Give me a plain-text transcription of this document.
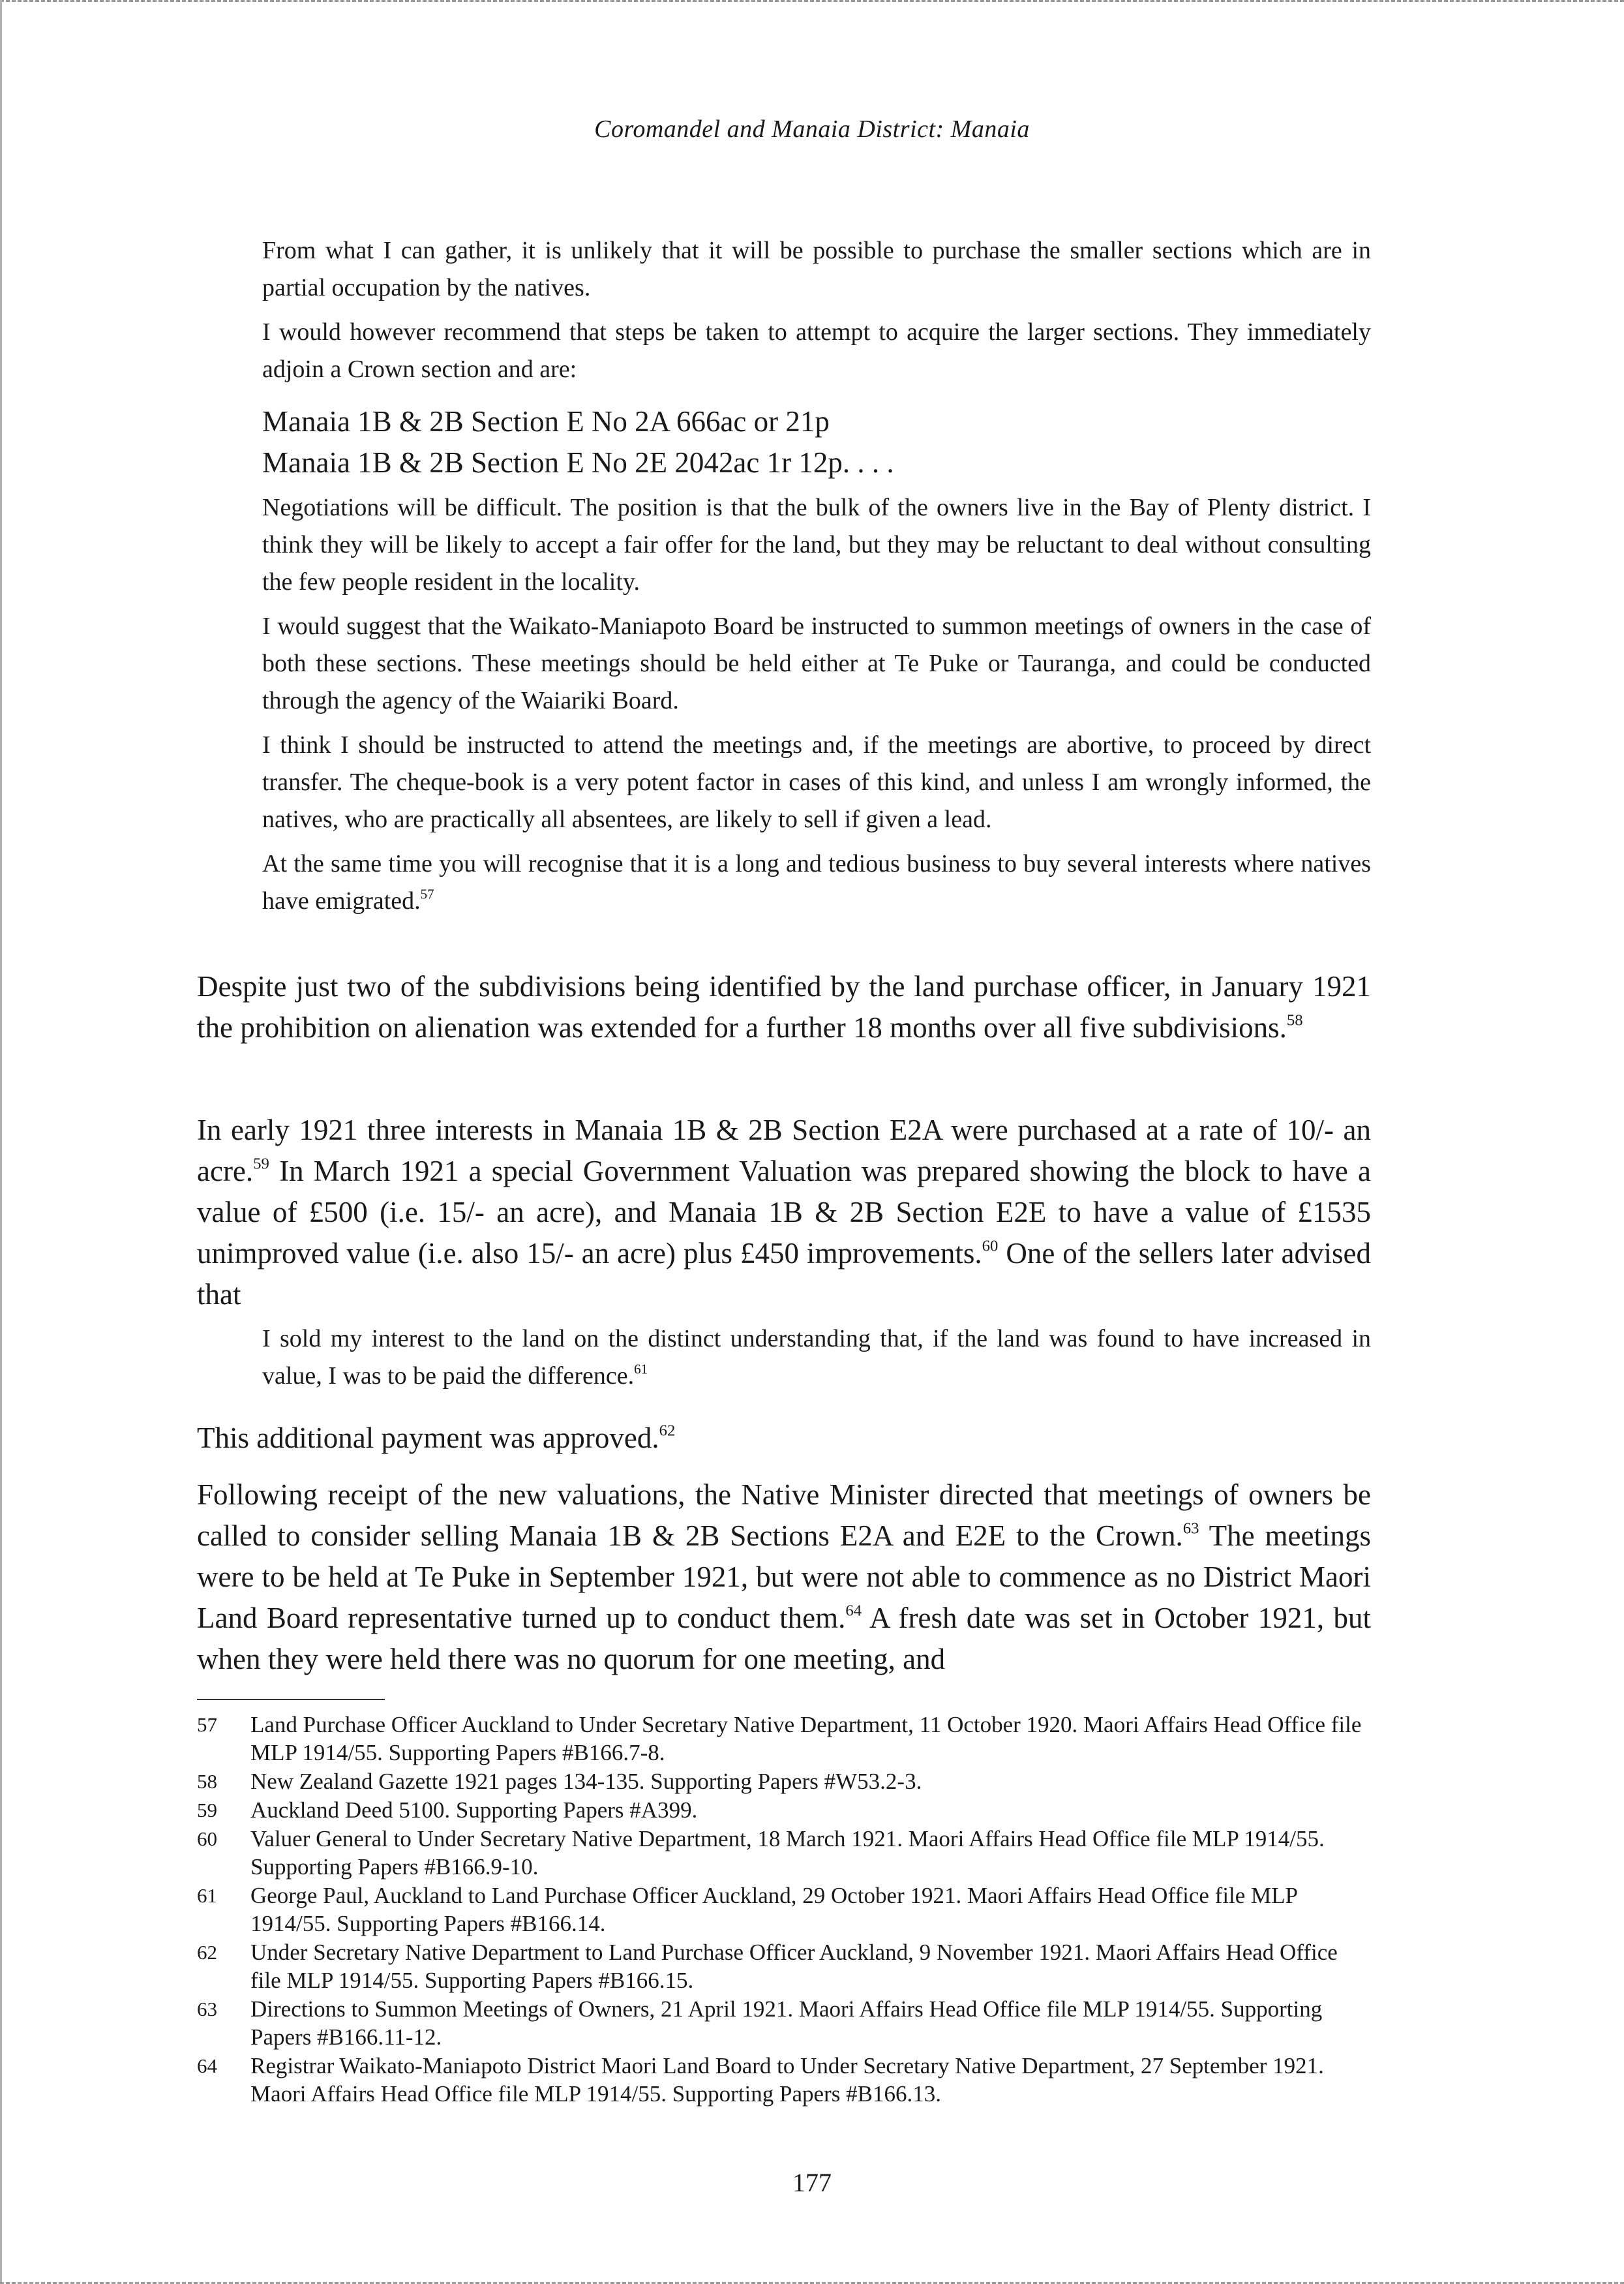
Coromandel and Manaia District: Manaia

From what I can gather, it is unlikely that it will be possible to purchase the smaller sections which are in partial occupation by the natives.

I would however recommend that steps be taken to attempt to acquire the larger sections. They immediately adjoin a Crown section and are:

Manaia 1B & 2B Section E No 2A 666ac or 21p
Manaia 1B & 2B Section E No 2E 2042ac 1r 12p. . . .

Negotiations will be difficult. The position is that the bulk of the owners live in the Bay of Plenty district. I think they will be likely to accept a fair offer for the land, but they may be reluctant to deal without consulting the few people resident in the locality.

I would suggest that the Waikato-Maniapoto Board be instructed to summon meetings of owners in the case of both these sections. These meetings should be held either at Te Puke or Tauranga, and could be conducted through the agency of the Waiariki Board.

I think I should be instructed to attend the meetings and, if the meetings are abortive, to proceed by direct transfer. The cheque-book is a very potent factor in cases of this kind, and unless I am wrongly informed, the natives, who are practically all absentees, are likely to sell if given a lead.

At the same time you will recognise that it is a long and tedious business to buy several interests where natives have emigrated.$^{57}$

Despite just two of the subdivisions being identified by the land purchase officer, in January 1921 the prohibition on alienation was extended for a further 18 months over all five subdivisions.$^{58}$

In early 1921 three interests in Manaia 1B & 2B Section E2A were purchased at a rate of 10/- an acre.$^{59}$ In March 1921 a special Government Valuation was prepared showing the block to have a value of £500 (i.e. 15/- an acre), and Manaia 1B & 2B Section E2E to have a value of £1535 unimproved value (i.e. also 15/- an acre) plus £450 improvements.$^{60}$ One of the sellers later advised that

I sold my interest to the land on the distinct understanding that, if the land was found to have increased in value, I was to be paid the difference.$^{61}$

This additional payment was approved.$^{62}$

Following receipt of the new valuations, the Native Minister directed that meetings of owners be called to consider selling Manaia 1B & 2B Sections E2A and E2E to the Crown.$^{63}$ The meetings were to be held at Te Puke in September 1921, but were not able to commence as no District Maori Land Board representative turned up to conduct them.$^{64}$ A fresh date was set in October 1921, but when they were held there was no quorum for one meeting, and

57	Land Purchase Officer Auckland to Under Secretary Native Department, 11 October 1920. Maori Affairs Head Office file MLP 1914/55. Supporting Papers #B166.7-8.
58	New Zealand Gazette 1921 pages 134-135. Supporting Papers #W53.2-3.
59	Auckland Deed 5100. Supporting Papers #A399.
60	Valuer General to Under Secretary Native Department, 18 March 1921. Maori Affairs Head Office file MLP 1914/55. Supporting Papers #B166.9-10.
61	George Paul, Auckland to Land Purchase Officer Auckland, 29 October 1921. Maori Affairs Head Office file MLP 1914/55. Supporting Papers #B166.14.
62	Under Secretary Native Department to Land Purchase Officer Auckland, 9 November 1921. Maori Affairs Head Office file MLP 1914/55. Supporting Papers #B166.15.
63	Directions to Summon Meetings of Owners, 21 April 1921. Maori Affairs Head Office file MLP 1914/55. Supporting Papers #B166.11-12.
64	Registrar Waikato-Maniapoto District Maori Land Board to Under Secretary Native Department, 27 September 1921. Maori Affairs Head Office file MLP 1914/55. Supporting Papers #B166.13.
177
